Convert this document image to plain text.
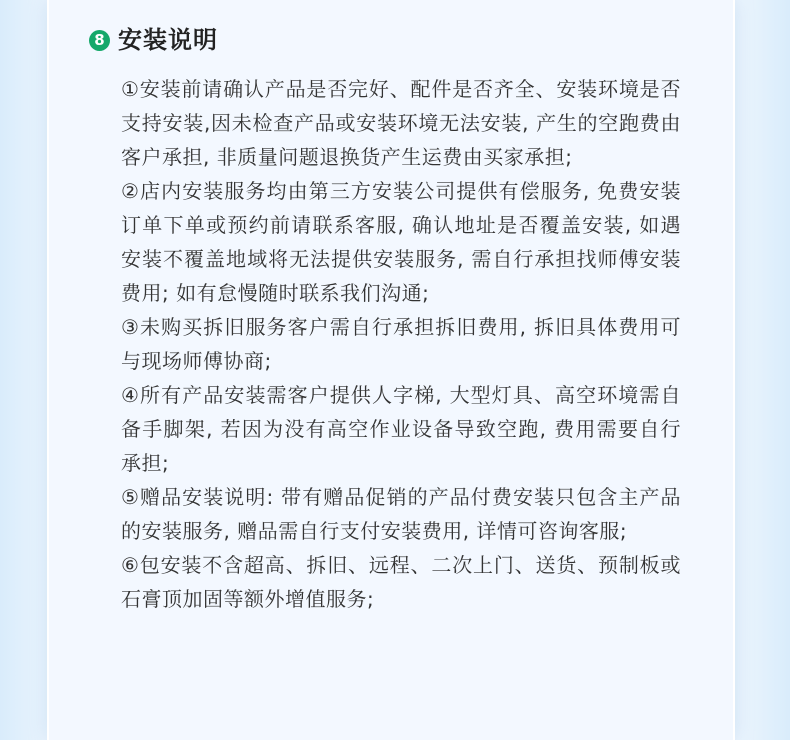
8 安装说明
①安装前请确认产品是否完好、配件是否齐全、安装环境是否支持安装,因未检查产品或安装环境无法安装, 产生的空跑费由客户承担, 非质量问题退换货产生运费由买家承担;
②店内安装服务均由第三方安装公司提供有偿服务, 免费安装订单下单或预约前请联系客服, 确认地址是否覆盖安装, 如遇安装不覆盖地域将无法提供安装服务, 需自行承担找师傅安装费用; 如有怠慢随时联系我们沟通;
③未购买拆旧服务客户需自行承担拆旧费用, 拆旧具体费用可与现场师傅协商;
④所有产品安装需客户提供人字梯, 大型灯具、高空环境需自备手脚架, 若因为没有高空作业设备导致空跑, 费用需要自行承担;
⑤赠品安装说明: 带有赠品促销的产品付费安装只包含主产品的安装服务, 赠品需自行支付安装费用, 详情可咨询客服;
⑥包安装不含超高、拆旧、远程、二次上门、送货、预制板或石膏顶加固等额外增值服务;
